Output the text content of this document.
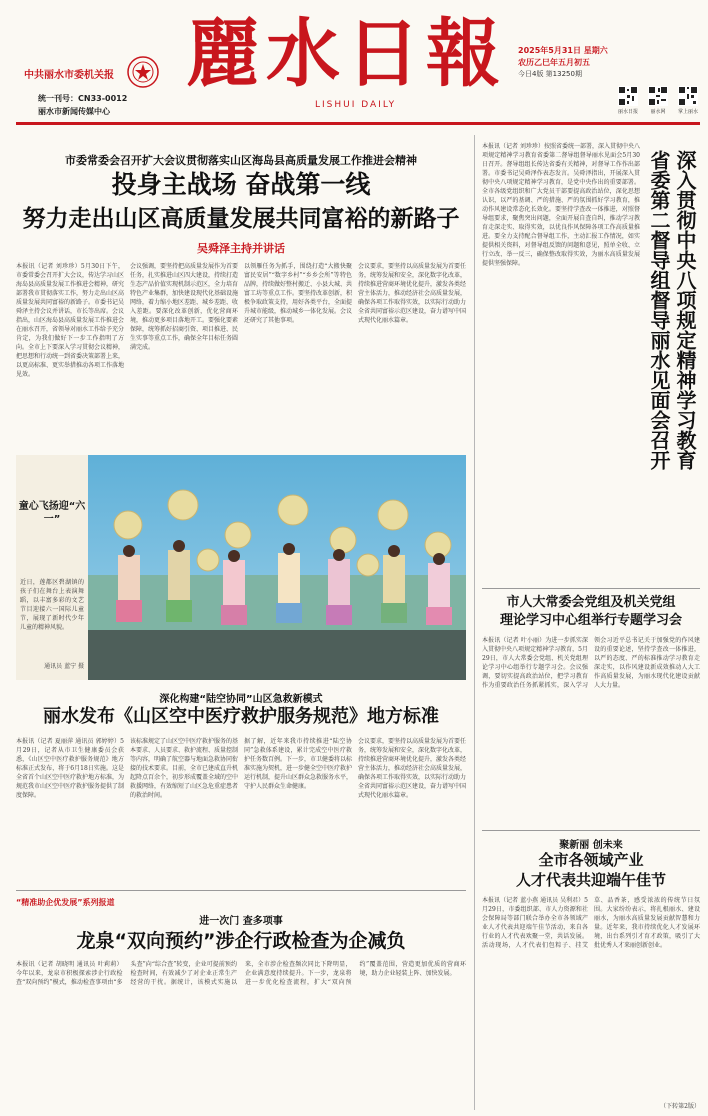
中共丽水市委机关报
统一刊号：CN33-0012
丽水市新闻传媒中心
麗水日報
LISHUI DAILY
2025年5月31日 星期六
农历乙巳年五月初五
今日4版 第13250期
丽水日报	丽水网	掌上丽水
市委常委会召开扩大会议贯彻落实山区海岛县高质量发展工作推进会精神
投身主战场 奋战第一线
努力走出山区高质量发展共同富裕的新路子
吴舜泽主持并讲话
本报讯（记者 刘珍珍）5月30日下午，市委常委会召开扩大会议，传达学习山区海岛县高质量发展工作推进会精神，研究部署我市贯彻落实工作，努力走出山区高质量发展共同富裕的新路子。市委书记吴舜泽主持会议并讲话，市长等出席。会议指出，山区海岛县高质量发展工作推进会在丽水召开，省领导对丽水工作给予充分肯定，为我们做好下一步工作指明了方向。全市上下要深入学习贯彻会议精神，把思想和行动统一到省委决策部署上来，以更高标准、更实举措推动各项工作落地见效。
会议强调，要坚持把高质量发展作为首要任务，扎实推进山区四大建设，持续打造生态产品价值实现机制示范区，全力培育特色产业集群，加快建设现代化基础设施网络，着力缩小地区差距、城乡差距、收入差距。要深化改革创新，优化营商环境，推动更多项目落地开工。要强化要素保障，统筹抓好招商引资、项目推进、民生实事等重点工作，确保全年目标任务圆满完成。
以领雁任务为抓手，围绕打造“大搬快聚富民安居”“数字乡村”“乡乡会所”等特色品牌，持续做好整村搬迁、小县大城、共富工坊等重点工作。要坚持改革创新，积极争取政策支持，用好各类平台，全面提升城市能级，推动城乡一体化发展。会议还研究了其他事项。
会议要求，要坚持以高质量发展为首要任务，统筹发展和安全，深化数字化改革，持续推进营商环境优化提升，激发各类经营主体活力，推动经济社会高质量发展，确保各项工作取得实效，以实际行动助力全省共同富裕示范区建设，奋力谱写中国式现代化丽水篇章。
童心飞扬迎“六一”
近日，莲都区碧湖镇的孩子们在舞台上表演舞蹈，以丰富多彩的文艺节目迎接六一国际儿童节，展现了新时代少年儿童的精神风貌。
通讯员 蓝宁 摄
深化构建“陆空协同”山区急救新模式
丽水发布《山区空中医疗救护服务规范》地方标准
本报讯（记者 夏丽萍 通讯员 郭婷婷）5月29日，记者从市卫生健康委员会获悉，《山区空中医疗救护服务规范》地方标准正式发布，将于6月18日实施。这是全省首个山区空中医疗救护地方标准，为规范我市山区空中医疗救护服务提供了制度保障。
该标准规定了山区空中医疗救护服务的基本要求、人员要求、救护流程、质量控制等内容，明确了航空器与地面急救协同衔接的技术要求。目前，全市已建成直升机起降点百余个，初步形成覆盖全域的空中救援网络，有效缩短了山区急危重症患者的救治时间。
据了解，近年来我市持续推进“陆空协同”急救体系建设，累计完成空中医疗救护任务数百例。下一步，市卫健委将以标准实施为契机，进一步健全空中医疗救护运行机制，提升山区群众急救服务水平，守护人民群众生命健康。
会议要求，要坚持以高质量发展为首要任务，统筹发展和安全，深化数字化改革，持续推进营商环境优化提升，激发各类经营主体活力，推动经济社会高质量发展，确保各项工作取得实效，以实际行动助力全省共同富裕示范区建设，奋力谱写中国式现代化丽水篇章。
“精准助企优发展”系列报道
进一次门 查多项事
龙泉“双向预约”涉企行政检查为企减负
本报讯（记者 胡晓明 通讯员 叶莉莉）今年以来，龙泉市积极探索涉企行政检查“双向预约”模式，推动检查事项由“多头查”向“综合查”转变，企业可提前预约检查时间，有效减少了对企业正常生产经营的干扰。据统计，该模式实施以来，全市涉企检查频次同比下降明显，企业满意度持续提升。下一步，龙泉将进一步优化检查流程，扩大“双向预约”覆盖范围，营造更加优质的营商环境，助力企业轻装上阵、加快发展。
深入贯彻中央八项规定精神学习教育
省委第二督导组督导丽水见面会召开
本报讯（记者 刘珍珍）按照省委统一部署，深入贯彻中央八项规定精神学习教育省委第二督导组督导丽水见面会5月30日召开。督导组组长传达省委有关精神，对督导工作作出部署。市委书记吴舜泽作表态发言。吴舜泽指出，开展深入贯彻中央八项规定精神学习教育，是党中央作出的重要部署。全市各级党组织和广大党员干部要提高政治站位，深化思想认识，以严的基调、严的措施、严的氛围抓好学习教育，推动作风建设常态化长效化。要坚持学查改一体推进，对照督导组要求，聚焦突出问题，全面开展自查自纠，推动学习教育走深走实、取得实效，以优良作风保障各项工作高质量推进。要全力支持配合督导组工作，主动汇报工作情况，如实提供相关资料，对督导组反馈的问题和意见，照单全收、立行立改、举一反三，确保整改取得实效，为丽水高质量发展提供坚强保障。
市人大常委会党组及机关党组
理论学习中心组举行专题学习会
本报讯（记者 叶小丽）为进一步抓实深入贯彻中央八项规定精神学习教育，5月29日，市人大常委会党组、机关党组理论学习中心组举行专题学习会。会议强调，要切实提高政治站位，把学习教育作为重要政治任务抓紧抓实，深入学习领会习近平总书记关于加强党的作风建设的重要论述，坚持学查改一体推进，以严的态度、严的标准推动学习教育走深走实，以作风建设新成效推动人大工作高质量发展，为丽水现代化建设贡献人大力量。
聚新丽 创未来
全市各领域产业
人才代表共迎端午佳节
本报讯（记者 蓝小燕 通讯员 吴利君）5月29日，市委组织部、市人力资源和社会保障局等部门联合举办全市各领域产业人才代表共迎端午佳节活动，来自各行业的人才代表欢聚一堂，共话发展。活动现场，人才代表们包粽子、挂艾草、品香茶，感受浓浓的传统节日氛围。大家纷纷表示，将扎根丽水、建设丽水，为丽水高质量发展贡献智慧和力量。近年来，我市持续优化人才发展环境，出台系列引才育才政策，吸引了大批优秀人才来丽创新创业。
（下转第2版）
